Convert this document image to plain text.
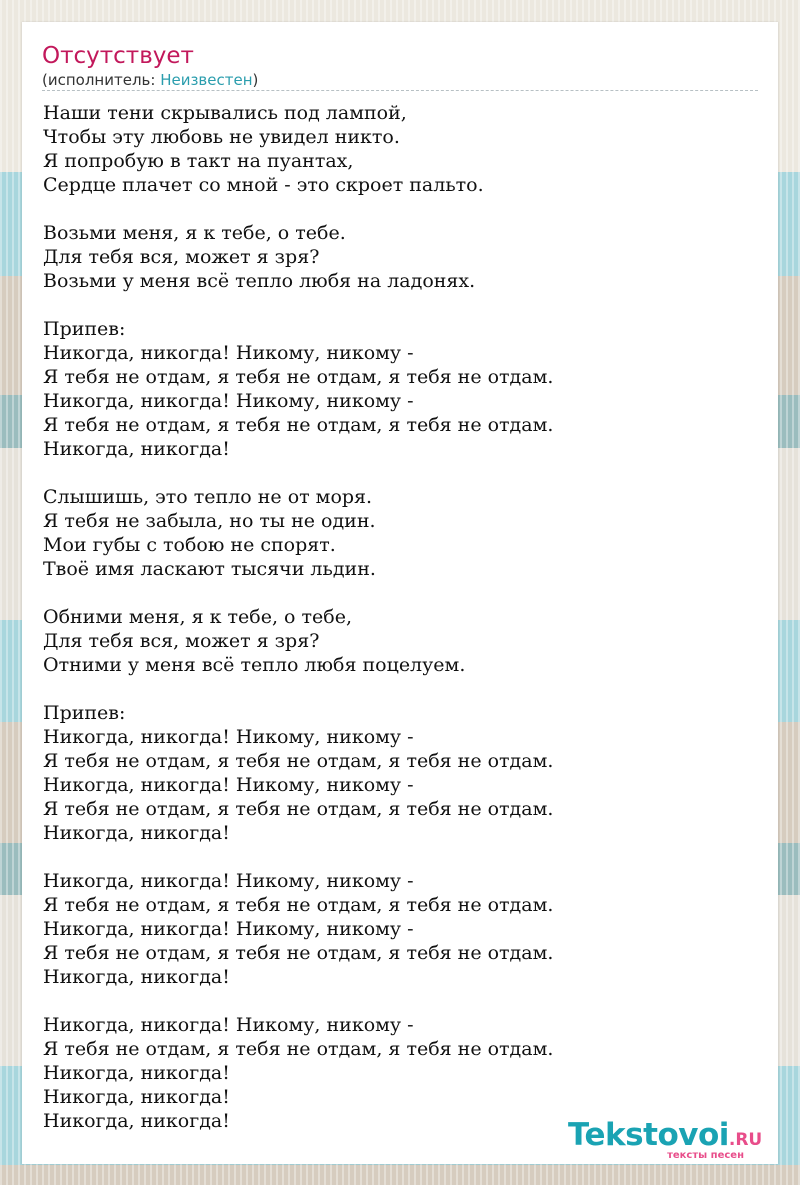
Отсутствует
(исполнитель: Неизвестен)
Наши тени скрывались под лампой,
Чтобы эту любовь не увидел никто.
Я попробую в такт на пуантах,
Сердце плачет со мной - это скроет пальто.
Возьми меня, я к тебе, о тебе.
Для тебя вся, может я зря?
Возьми у меня всё тепло любя на ладонях.
Припев:
Никогда, никогда! Никому, никому -
Я тебя не отдам, я тебя не отдам, я тебя не отдам.
Никогда, никогда! Никому, никому -
Я тебя не отдам, я тебя не отдам, я тебя не отдам.
Никогда, никогда!
Слышишь, это тепло не от моря.
Я тебя не забыла, но ты не один.
Мои губы с тобою не спорят.
Твоё имя ласкают тысячи льдин.
Обними меня, я к тебе, о тебе,
Для тебя вся, может я зря?
Отними у меня всё тепло любя поцелуем.
Припев:
Никогда, никогда! Никому, никому -
Я тебя не отдам, я тебя не отдам, я тебя не отдам.
Никогда, никогда! Никому, никому -
Я тебя не отдам, я тебя не отдам, я тебя не отдам.
Никогда, никогда!
Никогда, никогда! Никому, никому -
Я тебя не отдам, я тебя не отдам, я тебя не отдам.
Никогда, никогда! Никому, никому -
Я тебя не отдам, я тебя не отдам, я тебя не отдам.
Никогда, никогда!
Никогда, никогда! Никому, никому -
Я тебя не отдам, я тебя не отдам, я тебя не отдам.
Никогда, никогда!
Никогда, никогда!
Никогда, никогда!	Tekstovoi.RU
тексты песен
